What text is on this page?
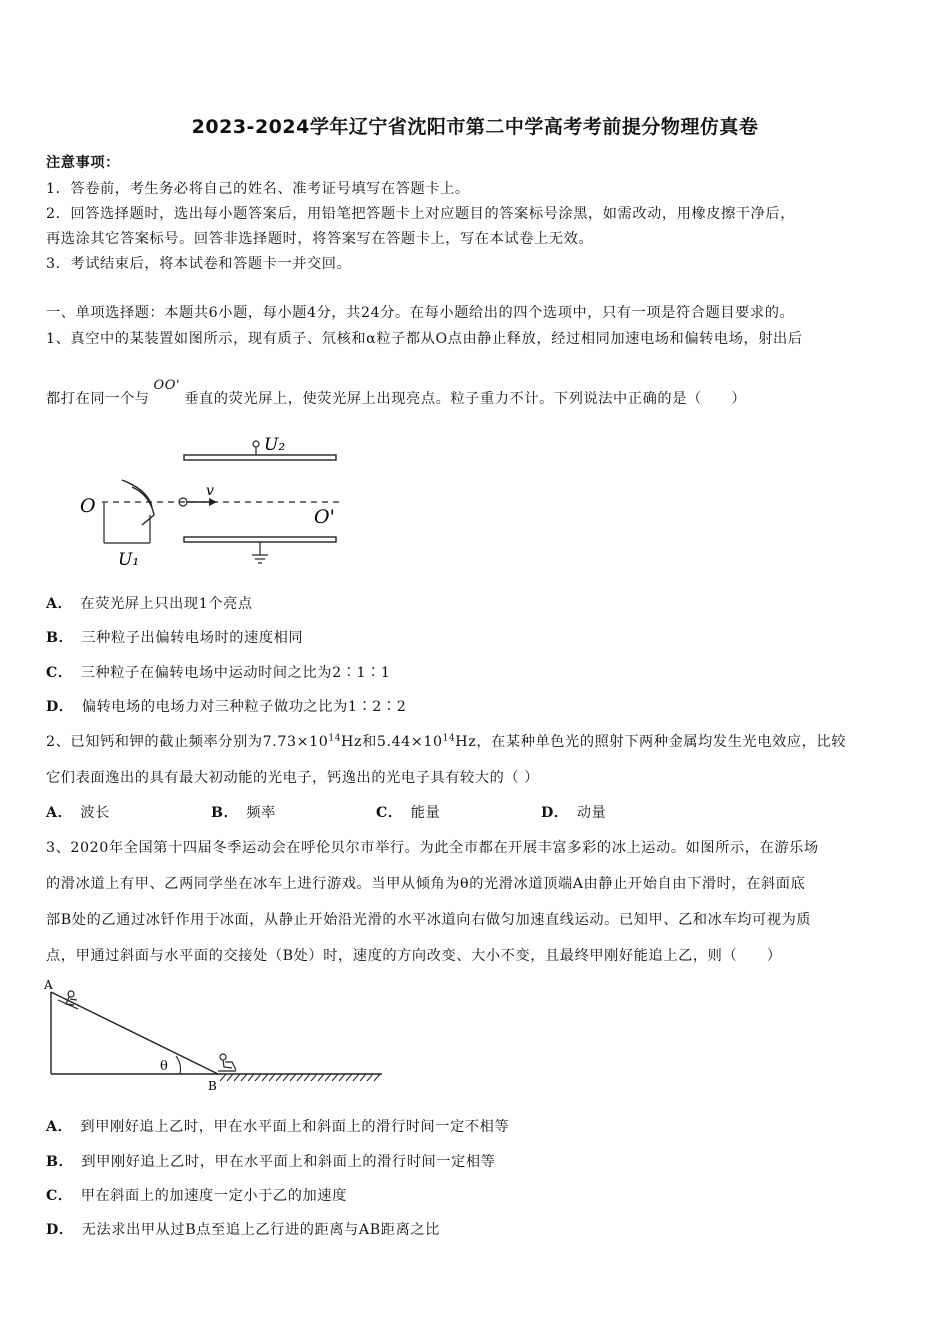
2023-2024学年辽宁省沈阳市第二中学高考考前提分物理仿真卷
注意事项：
1．答卷前，考生务必将自己的姓名、准考证号填写在答题卡上。
2．回答选择题时，选出每小题答案后，用铅笔把答题卡上对应题目的答案标号涂黑，如需改动，用橡皮擦干净后，
再选涂其它答案标号。回答非选择题时，将答案写在答题卡上，写在本试卷上无效。
3．考试结束后，将本试卷和答题卡一并交回。
一、单项选择题：本题共6小题，每小题4分，共24分。在每小题给出的四个选项中，只有一项是符合题目要求的。
1、真空中的某装置如图所示，现有质子、氘核和α粒子都从O点由静止释放，经过相同加速电场和偏转电场，射出后
都打在同一个与OO'垂直的荧光屏上，使荧光屏上出现亮点。粒子重力不计。下列说法中正确的是（　　）
U₂
O	O'
U₁
v
A． 在荧光屏上只出现1个亮点
B． 三种粒子出偏转电场时的速度相同
C． 三种粒子在偏转电场中运动时间之比为2∶1∶1
D． 偏转电场的电场力对三种粒子做功之比为1∶2∶2
2、已知钙和钾的截止频率分别为$7.73\times 10^{14}Hz$和$5.44\times 10^{14}Hz$，在某种单色光的照射下两种金属均发生光电效应，比较
它们表面逸出的具有最大初动能的光电子，钙逸出的光电子具有较大的（ ）
A． 波长	B． 频率	C． 能量	D． 动量
3、2020年全国第十四届冬季运动会在呼伦贝尔市举行。为此全市都在开展丰富多彩的冰上运动。如图所示，在游乐场
的滑冰道上有甲、乙两同学坐在冰车上进行游戏。当甲从倾角为θ的光滑冰道顶端A由静止开始自由下滑时，在斜面底
部B处的乙通过冰钎作用于冰面，从静止开始沿光滑的水平冰道向右做匀加速直线运动。已知甲、乙和冰车均可视为质
点，甲通过斜面与水平面的交接处（B处）时，速度的方向改变、大小不变，且最终甲刚好能追上乙，则（　　）
θ
A
B
A． 到甲刚好追上乙时，甲在水平面上和斜面上的滑行时间一定不相等
B． 到甲刚好追上乙时，甲在水平面上和斜面上的滑行时间一定相等
C． 甲在斜面上的加速度一定小于乙的加速度
D． 无法求出甲从过B点至追上乙行进的距离与AB距离之比
